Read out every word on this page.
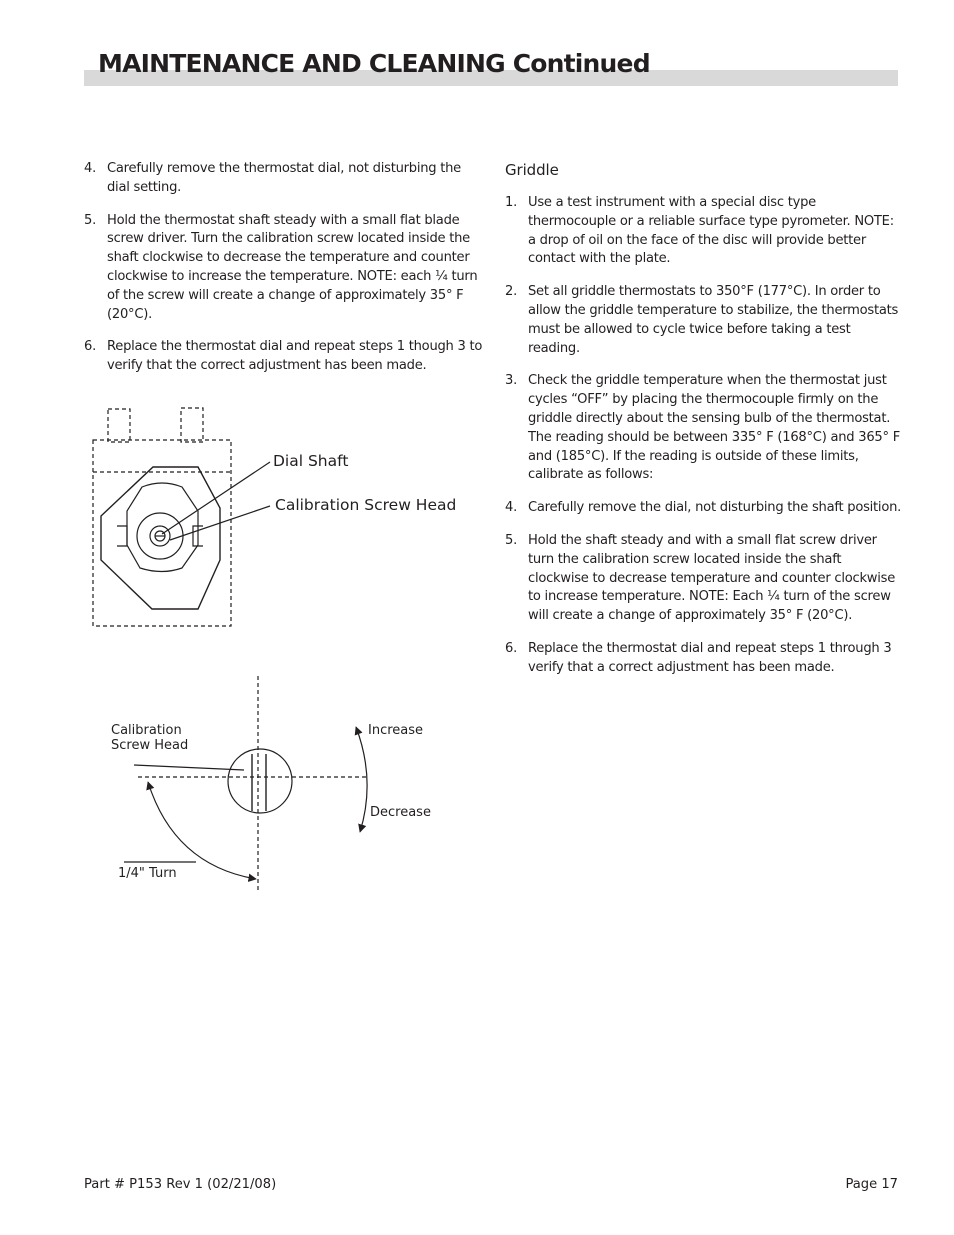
MAINTENANCE AND CLEANING Continued
4. Carefully remove the thermostat dial, not disturbing the dial setting.
5. Hold the thermostat shaft steady with a small flat blade screw driver. Turn the calibration screw located inside the shaft clockwise to decrease the temperature and counter clockwise to increase the temperature. NOTE: each ¼ turn of the screw will create a change of approximately 35° F (20°C).
6. Replace the thermostat dial and repeat steps 1 though 3 to verify that the correct adjustment has been made.
Dial Shaft
Calibration Screw Head
Calibration
Screw Head
Increase
Decrease
1/4" Turn
Griddle
1. Use a test instrument with a special disc type thermocouple or a reliable surface type pyrometer. NOTE: a drop of oil on the face of the disc will provide better contact with the plate.
2. Set all griddle thermostats to 350°F (177°C). In order to allow the griddle temperature to stabilize, the thermostats must be allowed to cycle twice before taking a test reading.
3. Check the griddle temperature when the thermostat just cycles “OFF” by placing the thermocouple firmly on the griddle directly about the sensing bulb of the thermostat. The reading should be between 335° F (168°C) and 365° F and (185°C). If the reading is outside of these limits, calibrate as follows:
4. Carefully remove the dial, not disturbing the shaft position.
5. Hold the shaft steady and with a small flat screw driver turn the calibration screw located inside the shaft clockwise to decrease temperature and counter clockwise to increase temperature. NOTE: Each ¼ turn of the screw will create a change of approximately 35° F (20°C).
6. Replace the thermostat dial and repeat steps 1 through 3 verify that a correct adjustment has been made.
Part # P153 Rev 1 (02/21/08)	Page 17
